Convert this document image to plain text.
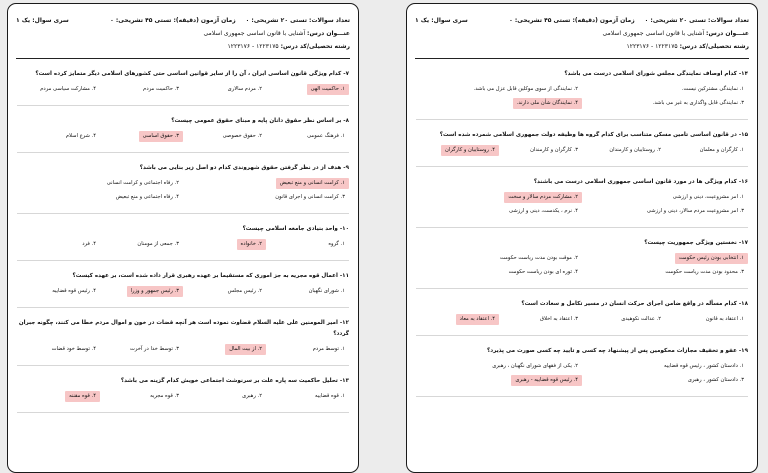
تعداد سوالات: تستی ۲۰ تشریحی: ۰
زمان آزمون (دقیقه): تستی ۴۵ تشریحی: ۰
سری سوال: یک ۱
عنـــوان درس: آشنایی با قانون اساسی جمهوری اسلامی
رشته تحصیلی/کد درس: ۱۲۲۳۱۷۵ - ۱۲۲۳۱۷۶
۷- کدام ویژگی قانون اساسی ایران ، آن را از سایر قوانین اساسی حتی کشورهای اسلامی دیگر متمایز کرده است؟
۱. حاکمیت الهی
۲. مردم سالاری
۳. حاکمیت مردم
۴. مشارکت سیاسی مردم
۸- بر اساس نظر حقوق دانان پایه و مبنای حقوق عمومی چیست؟
۱. فرهنگ عمومی
۲. حقوق خصوصی
۳. حقوق اساسی
۴. شرع اسلام
۹- هدف از در نظر گرفتن حقوق شهروندی کدام دو اصل زیر بنایی می باشد؟
۱. کرامت انسانی و منع تبعیض
۲. رفاه اجتماعی و کرامت انسانی
۳. کرامت انسانی و اجرای قانون
۴. رفاه اجتماعی و منع تبعیض
۱۰- واحد بنیادی جامعه اسلامی چیست؟
۱. گروه
۲. خانواده
۳. جمعی از مومنان
۴. فرد
۱۱- اعمال قوه مجریه به جز اموری که مستقیما بر عهده رهبری قرار داده شده است، بر عهده کیست؟
۱. شورای نگهبان
۲. رئیس مجلس
۳. رئیس جمهور و وزرا
۴. رئیس قوه قضاییه
۱۲- امیر المومنین علی علیه السلام قضاوت نموده است هر آنچه قضات در خون و اموال مردم خطا می کنند، چگونه جبران گردد؟
۱. توسط مردم
۲. از بیت المال
۳. توسط خدا در آخرت
۴. توسط خود قضات
۱۳- تحلیل حاکمیت سه پاره علت بر سرنوشت اجتماعی خویش کدام گزینه می باشد؟
۱. قوه قضاییه
۲. رهبری
۳. قوه مجریه
۴. قوه مقننه
تعداد سوالات: تستی ۲۰ تشریحی: ۰
زمان آزمون (دقیقه): تستی ۴۵ تشریحی: ۰
سری سوال: یک ۱
عنـــوان درس: آشنایی با قانون اساسی جمهوری اسلامی
رشته تحصیلی/کد درس: ۱۲۲۳۱۷۵ - ۱۲۲۳۱۷۶
۱۴- کدام اوصاف نمایندگی مجلس شورای اسلامی درست می باشد؟
۱. نمایندگی مشترکین نیست.
۲. نمایندگی از سوی موکلین قابل عزل می باشد.
۳. نمایندگی قابل واگذاری به غیر می باشد.
۴. نمایندگان شأن ملی دارند.
۱۵- در قانون اساسی تامین مسکن متناسب برای کدام گروه ها وظیفه دولت جمهوری اسلامی شمرده شده است؟
۱. کارگران و معلمان
۲. روستاییان و کارمندان
۳. کارگران و کارمندان
۴. روستاییان و کارگران
۱۶- کدام ویژگی ها در مورد قانون اساسی جمهوری اسلامی درست می باشند؟
۱. امر مشروعیت، دینی و ارزشی
۲. مشارکت مردم سالار و سخت
۳. امر مشروعیت مردم سالار، دینی و ارزشی
۴. نرم ، یکدست، دینی و ارزشی
۱۷- نخستین ویژگی جمهوریت چیست؟
۱. انتخابی بودن رئیس حکومت
۲. موقت بودن مدت ریاست حکومت
۳. محدود بودن مدت ریاست حکومت
۴. ثوره ای بودن ریاست حکومت
۱۸- کدام مسأله در واقع ضامن اجرای حرکت انسان در مسیر تکامل و سعادت است؟
۱. اعتقاد به قانون
۲. عدالت نکوهیدی
۳. اعتقاد به اخلاق
۴. اعتقاد به معاد
۱۹- عفو و تخفیف مجازات محکومین پس از پیشنهاد چه کسی و تایید چه کسی صورت می پذیرد؟
۱. دادستان کشور ، رئیس قوه قضاییه
۲. یکی از فقهای شورای نگهبان ، رهبری
۳. دادستان کشور ، رهبری
۴. رئیس قوه قضاییه - رهبری
